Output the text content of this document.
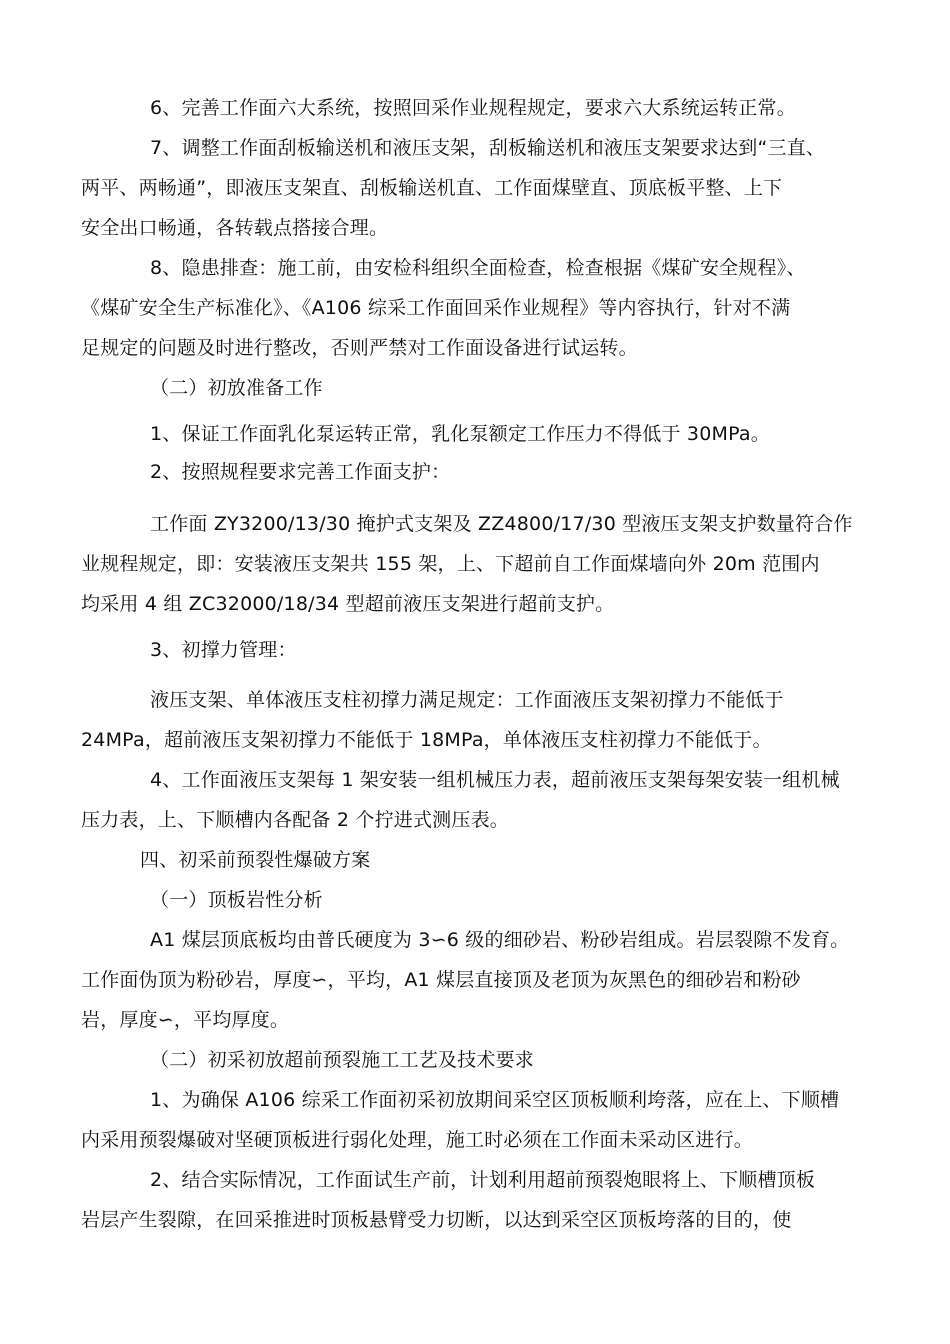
6、完善工作面六大系统，按照回采作业规程规定，要求六大系统运转正常。
7、调整工作面刮板输送机和液压支架，刮板输送机和液压支架要求达到“三直、
两平、两畅通”，即液压支架直、刮板输送机直、工作面煤壁直、顶底板平整、上下
安全出口畅通，各转载点搭接合理。
8、隐患排查：施工前，由安检科组织全面检查，检查根据《煤矿安全规程》、
《煤矿安全生产标准化》、《A106 综采工作面回采作业规程》等内容执行，针对不满
足规定的问题及时进行整改，否则严禁对工作面设备进行试运转。
（二）初放准备工作
1、保证工作面乳化泵运转正常，乳化泵额定工作压力不得低于 30MPa。
2、按照规程要求完善工作面支护：
工作面 ZY3200/13/30 掩护式支架及 ZZ4800/17/30 型液压支架支护数量符合作
业规程规定，即：安装液压支架共 155 架，上、下超前自工作面煤墙向外 20m 范围内
均采用 4 组 ZC32000/18/34 型超前液压支架进行超前支护。
3、初撑力管理：
液压支架、单体液压支柱初撑力满足规定：工作面液压支架初撑力不能低于
24MPa，超前液压支架初撑力不能低于 18MPa，单体液压支柱初撑力不能低于。
4、工作面液压支架每 1 架安装一组机械压力表，超前液压支架每架安装一组机械
压力表，上、下顺槽内各配备 2 个拧进式测压表。
四、初采前预裂性爆破方案
（一）顶板岩性分析
A1 煤层顶底板均由普氏硬度为 3∽6 级的细砂岩、粉砂岩组成。岩层裂隙不发育。
工作面伪顶为粉砂岩，厚度∽，平均，A1 煤层直接顶及老顶为灰黑色的细砂岩和粉砂
岩，厚度∽，平均厚度。
（二）初采初放超前预裂施工工艺及技术要求
1、为确保 A106 综采工作面初采初放期间采空区顶板顺利垮落，应在上、下顺槽
内采用预裂爆破对坚硬顶板进行弱化处理，施工时必须在工作面未采动区进行。
2、结合实际情况，工作面试生产前，计划利用超前预裂炮眼将上、下顺槽顶板
岩层产生裂隙，在回采推进时顶板悬臂受力切断，以达到采空区顶板垮落的目的，使
